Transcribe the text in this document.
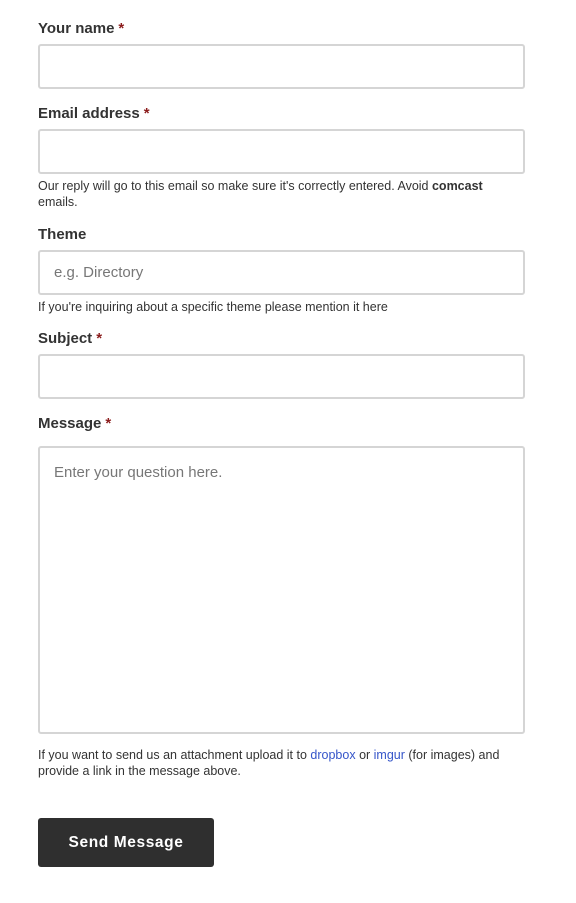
Your name *
Email address *
Our reply will go to this email so make sure it's correctly entered. Avoid comcast emails.
Theme
e.g. Directory
If you're inquiring about a specific theme please mention it here
Subject *
Message *
Enter your question here.
If you want to send us an attachment upload it to dropbox or imgur (for images) and provide a link in the message above.
Send Message
